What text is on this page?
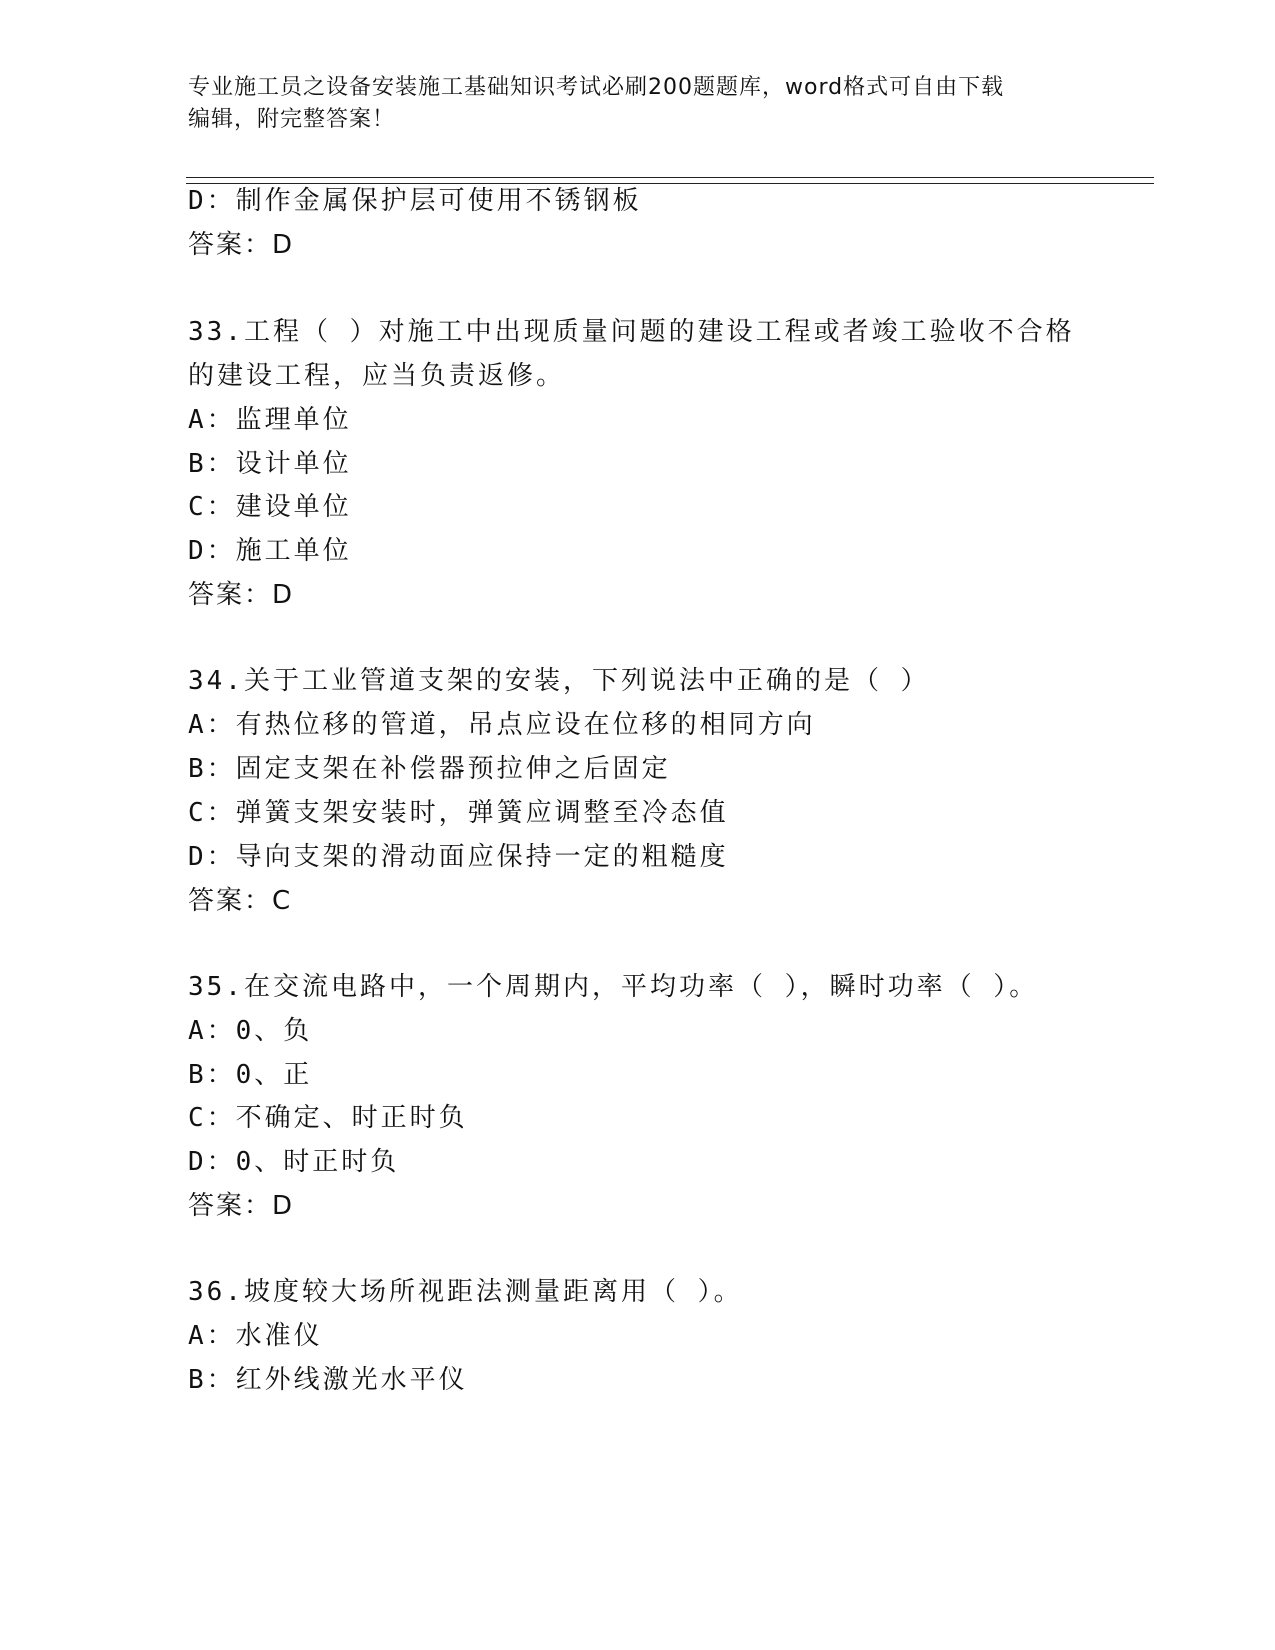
专业施工员之设备安装施工基础知识考试必刷200题题库，word格式可自由下载
编辑，附完整答案！
D：制作金属保护层可使用不锈钢板
答案：D
33.工程（ ）对施工中出现质量问题的建设工程或者竣工验收不合格
的建设工程，应当负责返修。
A：监理单位
B：设计单位
C：建设单位
D：施工单位
答案：D
34.关于工业管道支架的安装，下列说法中正确的是（ ）
A：有热位移的管道，吊点应设在位移的相同方向
B：固定支架在补偿器预拉伸之后固定
C：弹簧支架安装时，弹簧应调整至冷态值
D：导向支架的滑动面应保持一定的粗糙度
答案：C
35.在交流电路中，一个周期内，平均功率（ ），瞬时功率（ ）。
A：0、负
B：0、正
C：不确定、时正时负
D：0、时正时负
答案：D
36.坡度较大场所视距法测量距离用（ ）。
A：水准仪
B：红外线激光水平仪
